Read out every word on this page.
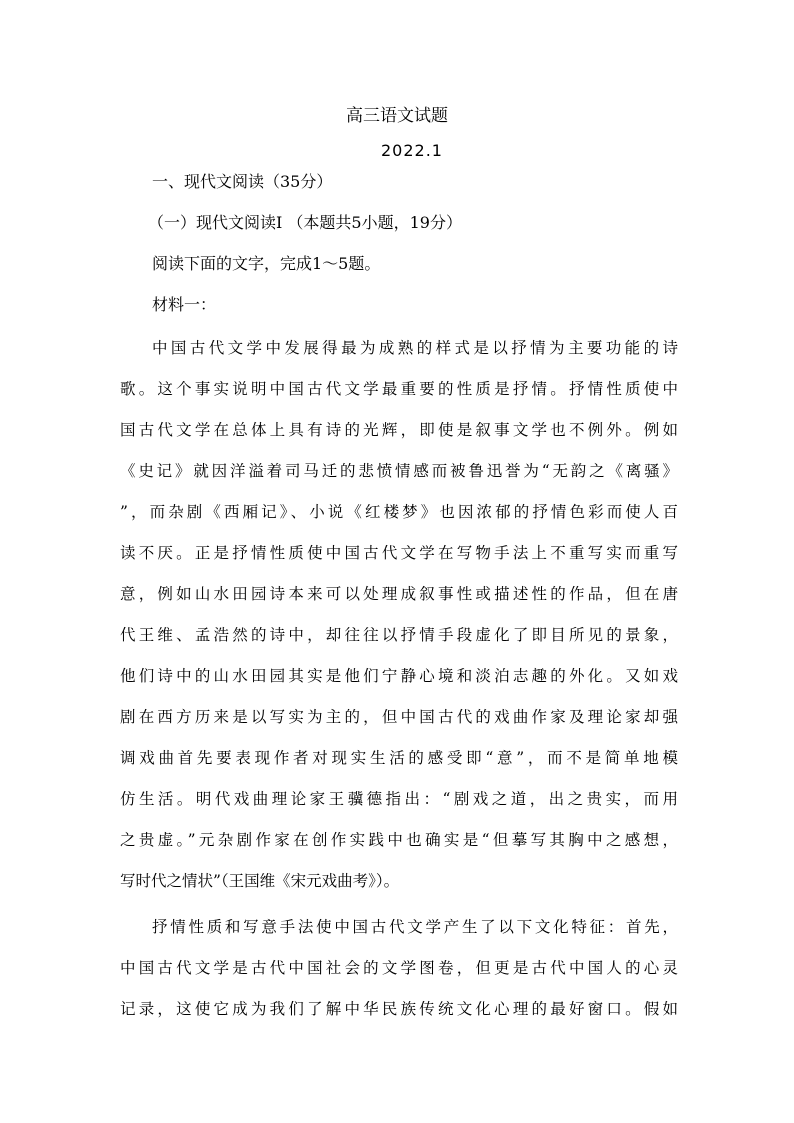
高三语文试题
2022.1
一、现代文阅读（35分）
（一）现代文阅读Ⅰ （本题共5小题，19分）
阅读下面的文字，完成1～5题。
材料一：
中国古代文学中发展得最为成熟的样式是以抒情为主要功能的诗
歌。这个事实说明中国古代文学最重要的性质是抒情。抒情性质使中
国古代文学在总体上具有诗的光辉，即使是叙事文学也不例外。例如
《史记》就因洋溢着司马迁的悲愤情感而被鲁迅誉为“无韵之《离骚》
”，而杂剧《西厢记》、小说《红楼梦》也因浓郁的抒情色彩而使人百
读不厌。正是抒情性质使中国古代文学在写物手法上不重写实而重写
意，例如山水田园诗本来可以处理成叙事性或描述性的作品，但在唐
代王维、孟浩然的诗中，却往往以抒情手段虚化了即目所见的景象，
他们诗中的山水田园其实是他们宁静心境和淡泊志趣的外化。又如戏
剧在西方历来是以写实为主的，但中国古代的戏曲作家及理论家却强
调戏曲首先要表现作者对现实生活的感受即“意”，而不是简单地模
仿生活。明代戏曲理论家王骥德指出：“剧戏之道，出之贵实，而用
之贵虚。”元杂剧作家在创作实践中也确实是“但摹写其胸中之感想，
写时代之情状”（王国维《宋元戏曲考》）。
抒情性质和写意手法使中国古代文学产生了以下文化特征：首先，
中国古代文学是古代中国社会的文学图卷，但更是古代中国人的心灵
记录，这使它成为我们了解中华民族传统文化心理的最好窗口。假如
